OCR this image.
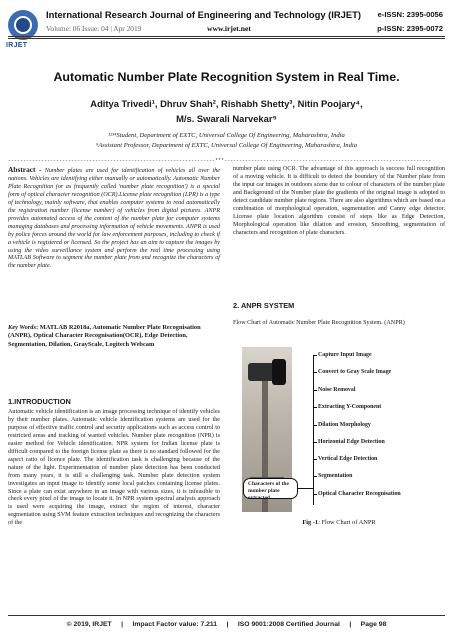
IRJET
International Research Journal of Engineering and Technology (IRJET) e-ISSN: 2395-0056
Volume: 06 Issue: 04 | Apr 2019	www.irjet.net	p-ISSN: 2395-0072
Automatic Number Plate Recognition System in Real Time.
Aditya Trivedi¹, Dhruv Shah², Rishabh Shetty³, Nitin Poojary⁴,
M/s. Swarali Narvekar⁵
¹²³⁴Student, Department of EXTC, Universal College Of Engineering, Maharashtra, India
⁵Assistant Professor, Department of EXTC, Universal College Of Engineering, Maharashtra, India
---------------------------------------------------------------------***---------------------------------------------------------------------
Abstract - Number plates are used for identification of vehicles all over the nations. Vehicles are identifying either manually or automatically. Automatic Number Plate Recognition (or as frequently called 'number plate recognition') is a special form of optical character recognition (OCR).License plate recognition (LPR) is a type of technology, mainly software, that enables computer systems to read automatically the registration number (license number) of vehicles from digital pictures. ANPR provides automated access of the content of the number plate for computer systems managing databases and processing information of vehicle movements. ANPR is used by police forces around the world for law enforcement purposes, including to check if a vehicle is registered or licensed. So the project has an aim to capture the images by using the video surveillance system and perform the real time processing using MATLAB Software to segment the number plate from and recognize the characters of the number plate.
Key Words: MATLAB R2018a, Automatic Number Plate Recognisation (ANPR), Optical Character Recognisation(OCR), Edge Detection, Segmentation, Dilation, GrayScale, Logitech Webcam
1.INTRODUCTION
Automatic vehicle identification is an image processing technique of identify vehicles by their number plates. Automatic vehicle identification systems are used for the purpose of effective traffic control and security applications such as access control to restricted areas and tracking of wanted vehicles. Number plate recognition (NPR) is easier method for Vehicle identification. NPR system for Indian license plate is difficult compared to the foreign license plate as there is no standard followed for the aspect ratio of licence plate. The identification task is challenging because of the nature of the light. Experimentation of number plate detection has been conducted from many years, it is still a challenging task. Number plate detection system investigates an input image to identify some local patches containing license plates. Since a plate can exist anywhere in an image with various sizes, it is infeasible to check every pixel of the image to locate it. In NPR system spectral analysis approach is used were acquiring the image, extract the region of interest, character segmentation using SVM feature extraction techniques and recognizing the characters of the
number plate using OCR. The advantage of this approach is success full recognition of a moving vehicle. It is difficult to detect the boundary of the Number plate from the input car images in outdoors scene due to colour of characters of the number plate and Background of the Number plate the gradients of the original image is adopted to detect candidate number plate regions. There are also algorithms which are based on a combination of morphological operation, segmentation and Canny edge detector. License plate location algorithm consist of steps like as Edge Detection, Morphological operation like dilation and erosion, Smoothing, segmentation of characters and recognition of plate characters.
2. ANPR SYSTEM
Flow Chart of Automatic Number Plate Recognition System. (ANPR)
Capture Input Image
Convert to Gray Scale Image
Noise Removal
Extracting Y-Component
Dilation Morphology
Horizontal Edge Detection
Vertical Edge Detection
Segmentation
Optical Character Recognisation
Characters of the number plate extracted
Fig -1: Flow Chart of ANPR
© 2019, IRJET     |     Impact Factor value: 7.211     |     ISO 9001:2008 Certified Journal     |     Page 98
